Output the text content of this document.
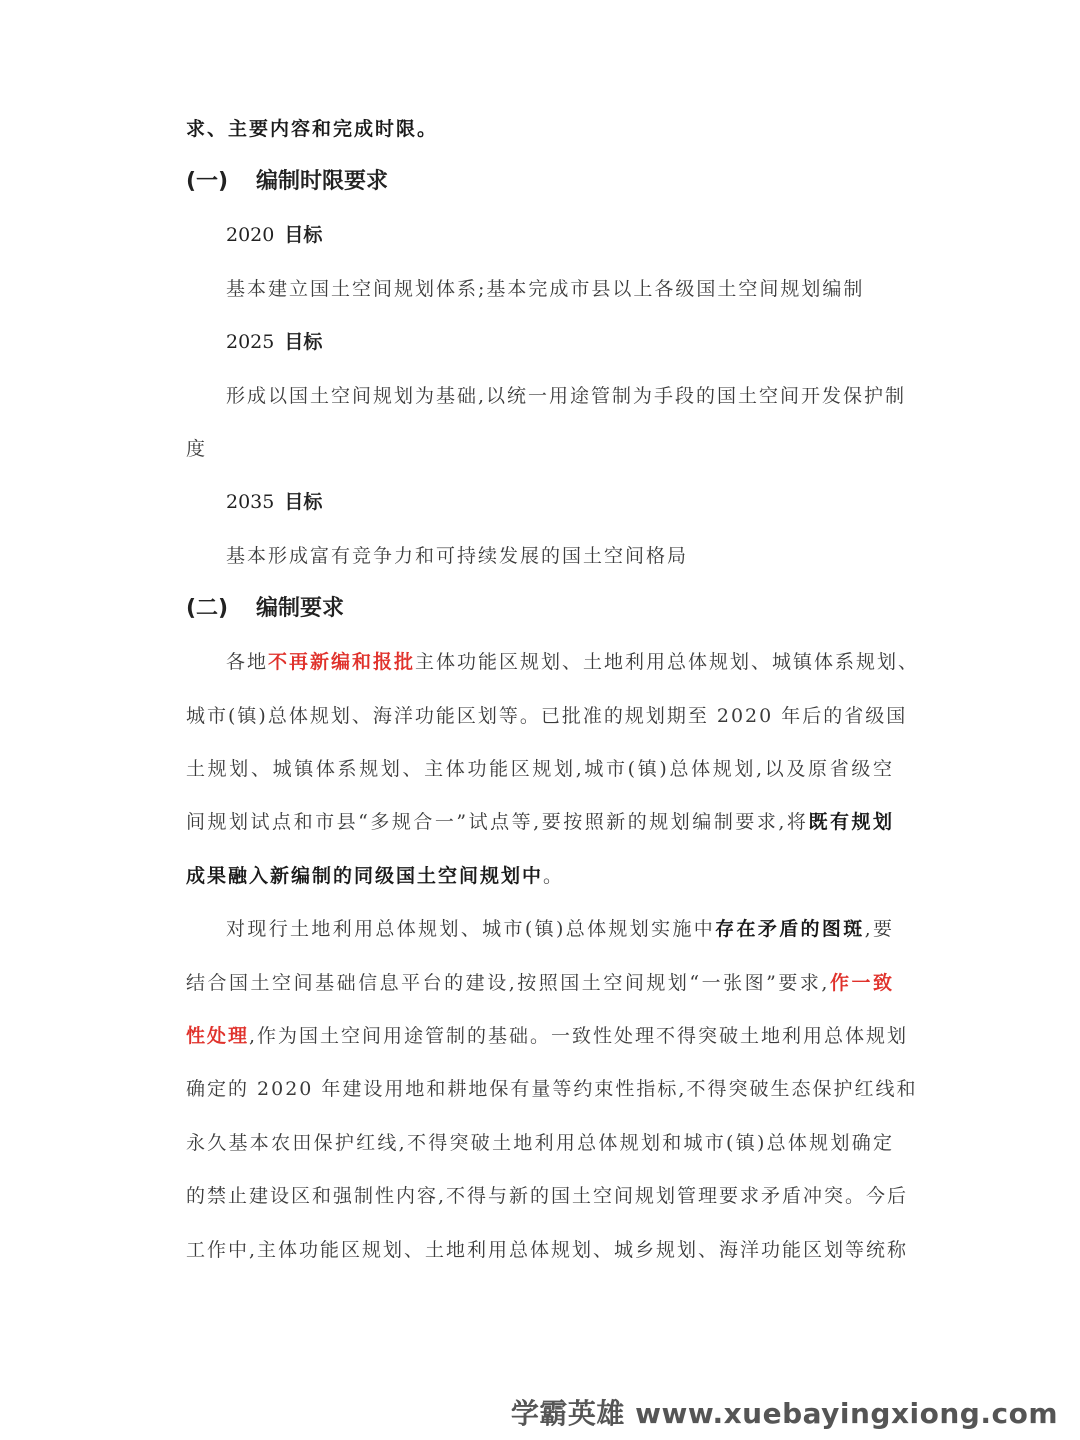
求、主要内容和完成时限。
(一) 编制时限要求
2020 目标
基本建立国土空间规划体系;基本完成市县以上各级国土空间规划编制
2025 目标
形成以国土空间规划为基础,以统一用途管制为手段的国土空间开发保护制
度
2035 目标
基本形成富有竞争力和可持续发展的国土空间格局
(二) 编制要求
各地不再新编和报批主体功能区规划、土地利用总体规划、城镇体系规划、
城市(镇)总体规划、海洋功能区划等。已批准的规划期至 2020 年后的省级国
土规划、城镇体系规划、主体功能区规划,城市(镇)总体规划,以及原省级空
间规划试点和市县“多规合一”试点等,要按照新的规划编制要求,将既有规划
成果融入新编制的同级国土空间规划中。
对现行土地利用总体规划、城市(镇)总体规划实施中存在矛盾的图斑,要
结合国土空间基础信息平台的建设,按照国土空间规划“一张图”要求,作一致
性处理,作为国土空间用途管制的基础。一致性处理不得突破土地利用总体规划
确定的 2020 年建设用地和耕地保有量等约束性指标,不得突破生态保护红线和
永久基本农田保护红线,不得突破土地利用总体规划和城市(镇)总体规划确定
的禁止建设区和强制性内容,不得与新的国土空间规划管理要求矛盾冲突。今后
工作中,主体功能区规划、土地利用总体规划、城乡规划、海洋功能区划等统称
学霸英雄 www.xuebayingxiong.com
